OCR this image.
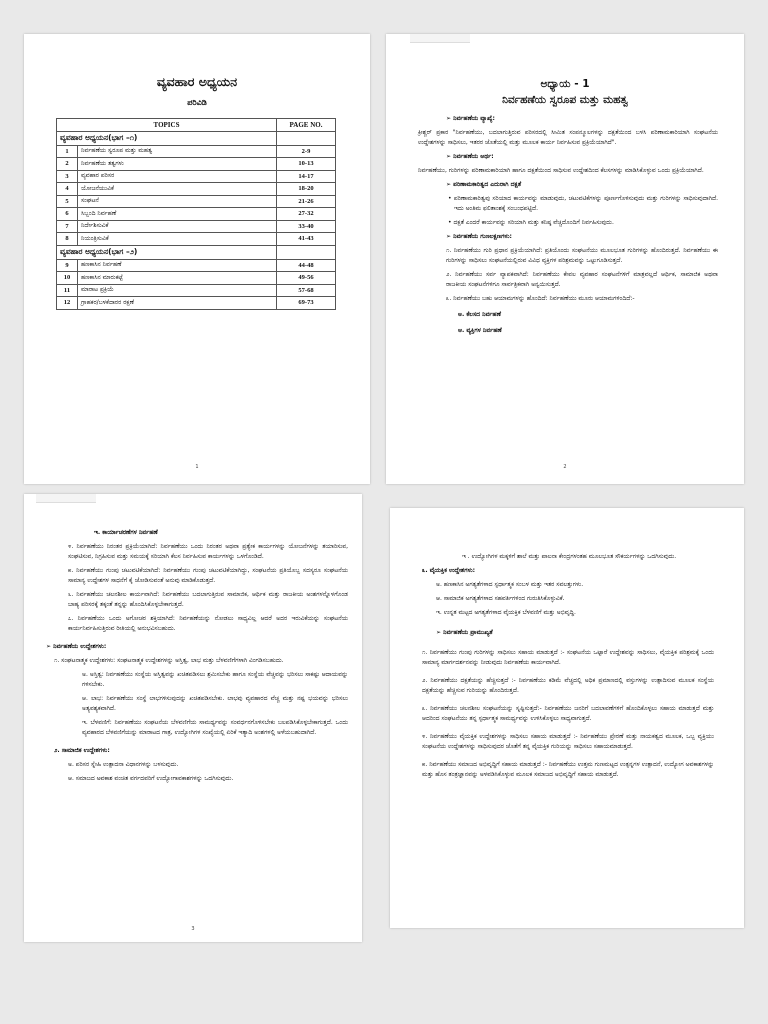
ವ್ಯವಹಾರ ಅಧ್ಯಯನ
ಪರಿವಿಡಿ
TOPICS		PAGE NO.
ವ್ಯವಹಾರ ಅಧ್ಯಯನ(ಭಾಗ –೧)		
1	ನಿರ್ವಹಣೆಯ ಸ್ವರೂಪ ಮತ್ತು ಮಹತ್ವ	2-9
2	ನಿರ್ವಹಣೆಯ ತತ್ವಗಳು	10-13
3	ವ್ಯವಹಾರ ಪರಿಸರ	14-17
4	ಯೋಜನೆಯುವಿಕೆ	18-20
5	ಸಂಘಟನೆ	21-26
6	ಸಿಬ್ಬಂದಿ ನಿರ್ವಹಣೆ	27-32
7	ನಿರ್ದೇಶಿಸುವಿಕೆ	33-40
8	ನಿಯಂತ್ರಿಸುವಿಕೆ	41-43
ವ್ಯವಹಾರ ಅಧ್ಯಯನ(ಭಾಗ –೨)		
9	ಹಣಕಾಸಿನ ನಿರ್ವಹಣೆ	44-48
10	ಹಣಕಾಸಿನ ಮಾರುಕಟ್ಟೆ	49-56
11	ಮಾರಾಟ ಪ್ರಕ್ರಿಯೆ	57-68
12	ಗ್ರಾಹಕರ/ಬಳಕೆದಾರರ ರಕ್ಷಣೆ	69-73
1
ಅಧ್ಯಾಯ - 1
ನಿರ್ವಹಣೆಯ ಸ್ವರೂಪ ಮತ್ತು ಮಹತ್ವ
➢ ನಿರ್ವಹಣೆಯ ವ್ಯಾಖ್ಯೆ:
ಕ್ರೀಶ್ಚರ್ ಪ್ರಕಾರ "ನಿರ್ವಹಣೆಯು, ಬದಲಾಗುತ್ತಿರುವ ಪರಿಸರದಲ್ಲಿ ಸೀಮಿತ ಸಂಪನ್ಮೂಲಗಳನ್ನು ದಕ್ಷತೆಯಿಂದ ಬಳಸಿ ಪರಿಣಾಮಕಾರಿಯಾಗಿ ಸಂಘಟನೆಯ ಉದ್ದೇಶಗಳನ್ನು ಸಾಧಿಸಲು, ಇತರರ ಜೊತೆಯಲ್ಲಿ ಮತ್ತು ಮೂಲಕ ಕಾರ್ಯ ನಿರ್ವಹಿಸುವ ಪ್ರಕ್ರಿಯೆಯಾಗಿದೆ".
➢ ನಿರ್ವಹಣೆಯ ಅರ್ಥ:
ನಿರ್ವಹಣೆಯು, ಗುರಿಗಳನ್ನು ಪರಿಣಾಮಕಾರಿಯಾಗಿ ಹಾಗೂ ದಕ್ಷತೆಯಿಂದ ಸಾಧಿಸುವ ಉದ್ದೇಶದಿಂದ ಕೆಲಸಗಳನ್ನು ಮಾಡಿಸಿಕೊಳ್ಳುವ ಒಂದು ಪ್ರಕ್ರಿಯೆಯಾಗಿದೆ.
➢ ಪರಿಣಾಮಕಾರಿತ್ವದ ಎದುರಾಗಿ ದಕ್ಷತೆ
• ಪರಿಣಾಮಕಾರಿತ್ವವು ಸರಿಯಾದ ಕಾರ್ಯವನ್ನು ಮಾಡುವುದು, ಚಟುವಟಿಕೆಗಳನ್ನು ಪೂರ್ಣಗೊಳಿಸುವುದು ಮತ್ತು ಗುರಿಗಳನ್ನು ಸಾಧಿಸುವುದಾಗಿದೆ. ಇದು ಅಂತಿಮ ಫಲಿತಾಂಶಕ್ಕೆ ಸಂಬಂಧಪಟ್ಟಿದೆ.
• ದಕ್ಷತೆ ಎಂದರೆ ಕಾರ್ಯವನ್ನು ಸರಿಯಾಗಿ ಮತ್ತು ಕನಿಷ್ಠ ವೆಚ್ಚದೊಂದಿಗೆ ನಿರ್ವಹಿಸುವುದು.
➢ ನಿರ್ವಹಣೆಯ ಗುಣಲಕ್ಷಣಗಳು:
೧. ನಿರ್ವಹಣೆಯು ಗುರಿ ಪ್ರಧಾನ ಪ್ರಕ್ರಿಯೆಯಾಗಿದೆ: ಪ್ರತಿಯೊಂದು ಸಂಘಟನೆಯು ಮೂಲಭೂತ ಗುರಿಗಳನ್ನು ಹೊಂದಿರುತ್ತದೆ. ನಿರ್ವಹಣೆಯು ಈ ಗುರಿಗಳನ್ನು ಸಾಧಿಸಲು ಸಂಘಟನೆಯಲ್ಲಿರುವ ವಿವಿಧ ವ್ಯಕ್ತಿಗಳ ಪರಿಶ್ರಮವನ್ನು ಒಟ್ಟುಗೂಡಿಸುತ್ತದೆ.
೨. ನಿರ್ವಹಣೆಯು ಸರ್ವ ವ್ಯಾಪಕವಾಗಿದೆ: ನಿರ್ವಹಣೆಯು ಕೇವಲ ವ್ಯವಹಾರ ಸಂಘಟನೆಗಳಿಗೆ ಮಾತ್ರವಲ್ಲದೆ ಆರ್ಥಿಕ, ಸಾಮಾಜಿಕ ಅಥವಾ ರಾಜಕೀಯ ಸಂಘಟನೆಗಳಿಗೂ ಸಾರ್ವತ್ರಿಕವಾಗಿ ಅನ್ವಯಿಸುತ್ತದೆ.
೩. ನಿರ್ವಹಣೆಯು ಬಹು ಆಯಾಮಗಳನ್ನು ಹೊಂದಿದೆ: ನಿರ್ವಹಣೆಯು ಮೂರು ಆಯಾಮಗಳಿಂದಿದೆ:-
ಅ. ಕೆಲಸದ ನಿರ್ವಹಣೆ
ಆ. ವ್ಯಕ್ತಿಗಳ ನಿರ್ವಹಣೆ
2
ಇ. ಕಾರ್ಯಾಚರಣೆಗಳ ನಿರ್ವಹಣೆ
೪. ನಿರ್ವಹಣೆಯು ನಿರಂತರ ಪ್ರಕ್ರಿಯೆಯಾಗಿದೆ: ನಿರ್ವಹಣೆಯು ಒಂದು ನಿರಂತರ ಅಥವಾ ಪ್ರತ್ಯೇಕ ಕಾರ್ಯಗಳನ್ನು ಯೋಜನೆಗಳನ್ನು ತಯಾರಿಸುವ, ಸಂಘಟಿಸುವ, ನಿಗ್ರಹಿಸುವ ಮತ್ತು ಸಮಯಕ್ಕೆ ಸರಿಯಾಗಿ ಕೆಲಸ ನಿರ್ವಹಿಸುವ ಕಾರ್ಯಗಳನ್ನು ಒಳಗೊಂಡಿದೆ.
೫. ನಿರ್ವಹಣೆಯು ಗುಂಪು ಚಟುವಟಿಕೆಯಾಗಿದೆ: ನಿರ್ವಹಣೆಯು ಗುಂಪು ಚಟುವಟಿಕೆಯಾಗಿದ್ದು, ಸಂಘಟನೆಯ ಪ್ರತಿಯೊಬ್ಬ ಸದಸ್ಯರೂ ಸಂಘಟನೆಯ ಸಾಮಾನ್ಯ ಉದ್ದೇಶಗಳ ಸಾಧನೆಗೆ ಕೈ ಜೋಡಿಸುವಂತೆ ಅನುವು ಮಾಡಿಕೊಡುತ್ತದೆ.
೬. ನಿರ್ವಹಣೆಯು ಚಲನಶೀಲ ಕಾರ್ಯವಾಗಿದೆ: ನಿರ್ವಹಣೆಯು ಬದಲಾಗುತ್ತಿರುವ ಸಾಮಾಜಿಕ, ಆರ್ಥಿಕ ಮತ್ತು ರಾಜಕೀಯ ಅಂಶಗಳನ್ನೊಳಗೊಂಡ ಬಾಹ್ಯ ಪರಿಸರಕ್ಕೆ ತಕ್ಕಂತೆ ತನ್ನನ್ನು ಹೊಂದಿಸಿಕೊಳ್ಳಬೇಕಾಗುತ್ತದೆ.
೭. ನಿರ್ವಹಣೆಯು ಒಂದು ಅಗೋಚರ ಶಕ್ತಿಯಾಗಿದೆ: ನಿರ್ವಹಣೆಯನ್ನು ನೋಡಲು ಸಾಧ್ಯವಿಲ್ಲ ಆದರೆ ಅದರ ಇರುವಿಕೆಯನ್ನು ಸಂಘಟನೆಯ ಕಾರ್ಯನಿರ್ವಹಿಸುತ್ತಿರುವ ರೀತಿಯಲ್ಲಿ ಅನುಭವಿಸಬಹುದು.
➢ ನಿರ್ವಹಣೆಯ ಉದ್ದೇಶಗಳು:
೧. ಸಂಘಟನಾತ್ಮಕ ಉದ್ದೇಶಗಳು: ಸಂಘಟನಾತ್ಮಕ ಉದ್ದೇಶಗಳನ್ನು ಅಸ್ತಿತ್ವ, ಲಾಭ ಮತ್ತು ಬೆಳವಣಿಗೆಗಳಾಗಿ ವಿಂಗಡಿಸಬಹುದು.
ಅ. ಅಸ್ತಿತ್ವ: ನಿರ್ವಹಣೆಯು ಸಂಸ್ಥೆಯ ಅಸ್ತಿತ್ವವನ್ನು ಖಚಿತಪಡಿಸಲು ಶ್ರಮಿಸಬೇಕು ಹಾಗೂ ಸಂಸ್ಥೆಯ ವೆಚ್ಚವನ್ನು ಭರಿಸಲು ಸಾಕಷ್ಟು ಆದಾಯವನ್ನು ಗಳಿಸಬೇಕು.
ಆ. ಲಾಭ: ನಿರ್ವಹಣೆಯು ಸಂಸ್ಥೆ ಲಾಭಗಳಿಸುವುದನ್ನು ಖಚಿತಪಡಿಸಬೇಕು. ಲಾಭವು ವ್ಯವಹಾರದ ವೆಚ್ಚ ಮತ್ತು ನಷ್ಟ ಭಯವನ್ನು ಭರಿಸಲು ಅತ್ಯವಶ್ಯಕವಾಗಿದೆ.
ಇ. ಬೆಳವಣಿಗೆ: ನಿರ್ವಹಣೆಯು ಸಂಘಟನೆಯ ಬೆಳವಣಿಗೆಯ ಸಾಮರ್ಥ್ಯವನ್ನು ಸಂವರ್ಧನಗೊಳಿಸಬೇಕು ಬಲಪಡಿಸಿಕೊಳ್ಳಬೇಕಾಗುತ್ತದೆ. ಒಂದು ವ್ಯವಹಾರದ ಬೆಳವಣಿಗೆಯನ್ನು ಮಾರಾಟದ ಗಾತ್ರ, ಉದ್ಯೋಗಿಗಳ ಸಂಖ್ಯೆಯಲ್ಲಿ ಏರಿಕೆ ಇತ್ಯಾದಿ ಅಂಶಗಳಲ್ಲಿ ಅಳೆಯಬಹುದಾಗಿದೆ.
೨. ಸಾಮಾಜಿಕ ಉದ್ದೇಶಗಳು:
ಅ. ಪರಿಸರ ಸ್ನೇಹಿ ಉತ್ಪಾದನಾ ವಿಧಾನಗಳನ್ನು ಬಳಸುವುದು.
ಆ. ಸಮಾಜದ ಅವಕಾಶ ವಂಚಿತ ವರ್ಗದವರಿಗೆ ಉದ್ಯೋಗಾವಕಾಶಗಳನ್ನು ಒದಗಿಸುವುದು.
3
ಇ . ಉದ್ಯೋಗಿಗಳ ಮಕ್ಕಳಿಗೆ ಶಾಲೆ ಮತ್ತು ಪಾಲನಾ ಕೇಂದ್ರಗಳಂತಹ ಮೂಲಭೂತ ಸೌಕರ್ಯಗಳನ್ನು ಒದಗಿಸುವುದು.
೩. ವೈಯಕ್ತಿಕ ಉದ್ದೇಶಗಳು:
ಅ. ಹಣಕಾಸಿನ ಅಗತ್ಯತೆಗಳಾದ ಸ್ಪರ್ಧಾತ್ಮಕ ಸಂಬಳ ಮತ್ತು ಇತರ ಸವಲತ್ತುಗಳು.
ಆ. ಸಾಮಾಜಿಕ ಅಗತ್ಯತೆಗಳಾದ ಸಹವರ್ತಿಗಳಿಂದ ಗುರುತಿಸಿಕೊಳ್ಳುವಿಕೆ.
ಇ. ಉನ್ನತ ಮಟ್ಟದ ಅಗತ್ಯತೆಗಳಾದ ವೈಯಕ್ತಿಕ ಬೆಳವಣಿಗೆ ಮತ್ತು ಅಭಿವೃದ್ಧಿ.
➢ ನಿರ್ವಹಣೆಯ ಪ್ರಾಮುಖ್ಯತೆ
೧. ನಿರ್ವಹಣೆಯು ಗುಂಪು ಗುರಿಗಳನ್ನು ಸಾಧಿಸಲು ಸಹಾಯ ಮಾಡುತ್ತದೆ :- ಸಂಘಟನೆಯ ಒಟ್ಟಾರೆ ಉದ್ದೇಶವನ್ನು ಸಾಧಿಸಲು, ವೈಯಕ್ತಿಕ ಪರಿಶ್ರಮಕ್ಕೆ ಒಂದು ಸಾಮಾನ್ಯ ಮಾರ್ಗದರ್ಶನವನ್ನು ನೀಡುವುದು ನಿರ್ವಹಣೆಯ ಕಾರ್ಯವಾಗಿದೆ.
೨. ನಿರ್ವಹಣೆಯು ದಕ್ಷತೆಯನ್ನು ಹೆಚ್ಚಿಸುತ್ತದೆ :- ನಿರ್ವಹಣೆಯು ಕಡಿಮೆ ವೆಚ್ಚದಲ್ಲಿ ಅಧಿಕ ಪ್ರಮಾಣದಲ್ಲಿ ವಸ್ತುಗಳನ್ನು ಉತ್ಪಾದಿಸುವ ಮೂಲಕ ಸಂಸ್ಥೆಯ ದಕ್ಷತೆಯನ್ನು ಹೆಚ್ಚಿಸುವ ಗುರಿಯನ್ನು ಹೊಂದಿರುತ್ತದೆ.
೩. ನಿರ್ವಹಣೆಯು ಚಲನಶೀಲ ಸಂಘಟನೆಯನ್ನು ಸೃಷ್ಟಿಸುತ್ತದೆ:- ನಿರ್ವಹಣೆಯು ಜನರಿಗೆ ಬದಲಾವಣೆಗಳಿಗೆ ಹೊಂದಿಕೊಳ್ಳಲು ಸಹಾಯ ಮಾಡುತ್ತದೆ ಮತ್ತು ಆದರಿಂದ ಸಂಘಟನೆಯು ತನ್ನ ಸ್ಪರ್ಧಾತ್ಮಕ ಸಾಮರ್ಥ್ಯವನ್ನು ಉಳಿಸಿಕೊಳ್ಳಲು ಸಾಧ್ಯವಾಗುತ್ತದೆ.
೪. ನಿರ್ವಹಣೆಯು ವೈಯಕ್ತಿಕ ಉದ್ದೇಶಗಳನ್ನು ಸಾಧಿಸಲು ಸಹಾಯ ಮಾಡುತ್ತದೆ :- ನಿರ್ವಹಣೆಯು ಪ್ರೇರಣೆ ಮತ್ತು ನಾಯಕತ್ವದ ಮೂಲಕ, ಒಬ್ಬ ವ್ಯಕ್ತಿಯು ಸಂಘಟನೆಯ ಉದ್ದೇಶಗಳನ್ನು ಸಾಧಿಸುವುದರ ಜೊತೆಗೆ ತನ್ನ ವೈಯಕ್ತಿಕ ಗುರಿಯನ್ನು ಸಾಧಿಸಲು ಸಹಾಯಮಾಡುತ್ತದೆ.
೫. ನಿರ್ವಹಣೆಯು ಸಮಾಜದ ಅಭಿವೃದ್ಧಿಗೆ ಸಹಾಯ ಮಾಡುತ್ತದೆ :- ನಿರ್ವಹಣೆಯು ಉತ್ತಮ ಗುಣಮಟ್ಟದ ಉತ್ಪನ್ನಗಳ ಉತ್ಪಾದನೆ, ಉದ್ಯೋಗ ಅವಕಾಶಗಳನ್ನು ಮತ್ತು ಹೊಸ ತಂತ್ರಜ್ಞಾನವನ್ನು ಅಳವಡಿಸಿಕೊಳ್ಳುವ ಮೂಲಕ ಸಮಾಜದ ಅಭಿವೃದ್ಧಿಗೆ ಸಹಾಯ ಮಾಡುತ್ತದೆ.
